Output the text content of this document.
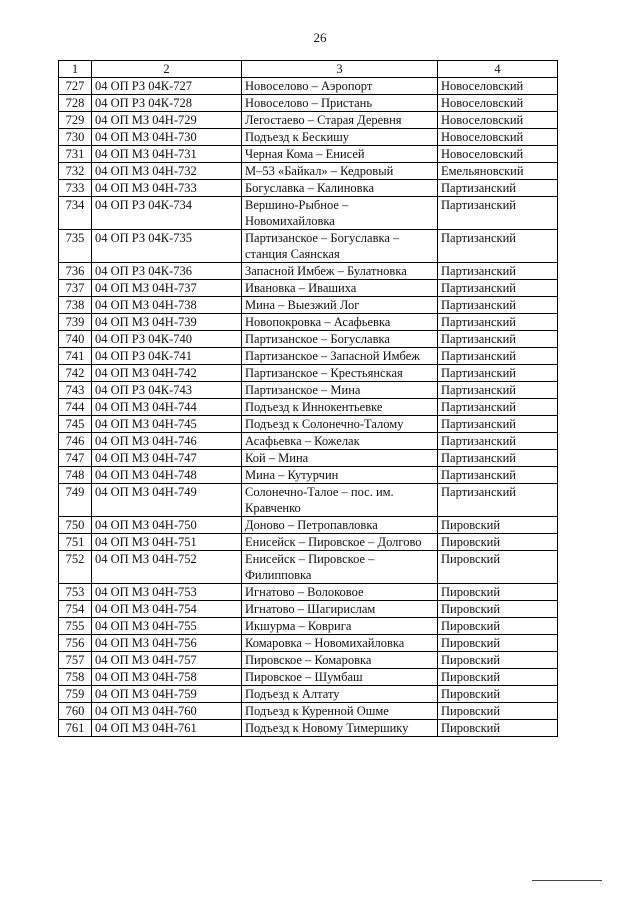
26
1	2	3	4
727	04 ОП РЗ 04К-727	Новоселово – Аэропорт	Новоселовский
728	04 ОП РЗ 04К-728	Новоселово – Пристань	Новоселовский
729	04 ОП МЗ 04Н-729	Легостаево – Старая Деревня	Новоселовский
730	04 ОП МЗ 04Н-730	Подъезд к Бескишу	Новоселовский
731	04 ОП МЗ 04Н-731	Черная Кома – Енисей	Новоселовский
732	04 ОП МЗ 04Н-732	М–53 «Байкал» – Кедровый	Емельяновский
733	04 ОП МЗ 04Н-733	Богуславка – Калиновка	Партизанский
734	04 ОП РЗ 04К-734	Вершино-Рыбное – Новомихайловка	Партизанский
735	04 ОП РЗ 04К-735	Партизанское – Богуславка – станция Саянская	Партизанский
736	04 ОП РЗ 04К-736	Запасной Имбеж – Булатновка	Партизанский
737	04 ОП МЗ 04Н-737	Ивановка – Ивашиха	Партизанский
738	04 ОП МЗ 04Н-738	Мина – Выезжий Лог	Партизанский
739	04 ОП МЗ 04Н-739	Новопокровка – Асафьевка	Партизанский
740	04 ОП РЗ 04К-740	Партизанское – Богуславка	Партизанский
741	04 ОП РЗ 04К-741	Партизанское – Запасной Имбеж	Партизанский
742	04 ОП МЗ 04Н-742	Партизанское – Крестьянская	Партизанский
743	04 ОП РЗ 04К-743	Партизанское – Мина	Партизанский
744	04 ОП МЗ 04Н-744	Подъезд к Иннокентьевке	Партизанский
745	04 ОП МЗ 04Н-745	Подъезд к Солонечно-Талому	Партизанский
746	04 ОП МЗ 04Н-746	Асафьевка – Кожелак	Партизанский
747	04 ОП МЗ 04Н-747	Кой – Мина	Партизанский
748	04 ОП МЗ 04Н-748	Мина – Кутурчин	Партизанский
749	04 ОП МЗ 04Н-749	Солонечно-Талое – пос. им. Кравченко	Партизанский
750	04 ОП МЗ 04Н-750	Доново – Петропавловка	Пировский
751	04 ОП МЗ 04Н-751	Енисейск – Пировское – Долгово	Пировский
752	04 ОП МЗ 04Н-752	Енисейск – Пировское – Филипповка	Пировский
753	04 ОП МЗ 04Н-753	Игнатово – Волоковое	Пировский
754	04 ОП МЗ 04Н-754	Игнатово – Шагирислам	Пировский
755	04 ОП МЗ 04Н-755	Икшурма – Коврига	Пировский
756	04 ОП МЗ 04Н-756	Комаровка – Новомихайловка	Пировский
757	04 ОП МЗ 04Н-757	Пировское – Комаровка	Пировский
758	04 ОП МЗ 04Н-758	Пировское – Шумбаш	Пировский
759	04 ОП МЗ 04Н-759	Подъезд к Алтату	Пировский
760	04 ОП МЗ 04Н-760	Подъезд к Куренной Ошме	Пировский
761	04 ОП МЗ 04Н-761	Подъезд к Новому Тимершику	Пировский
